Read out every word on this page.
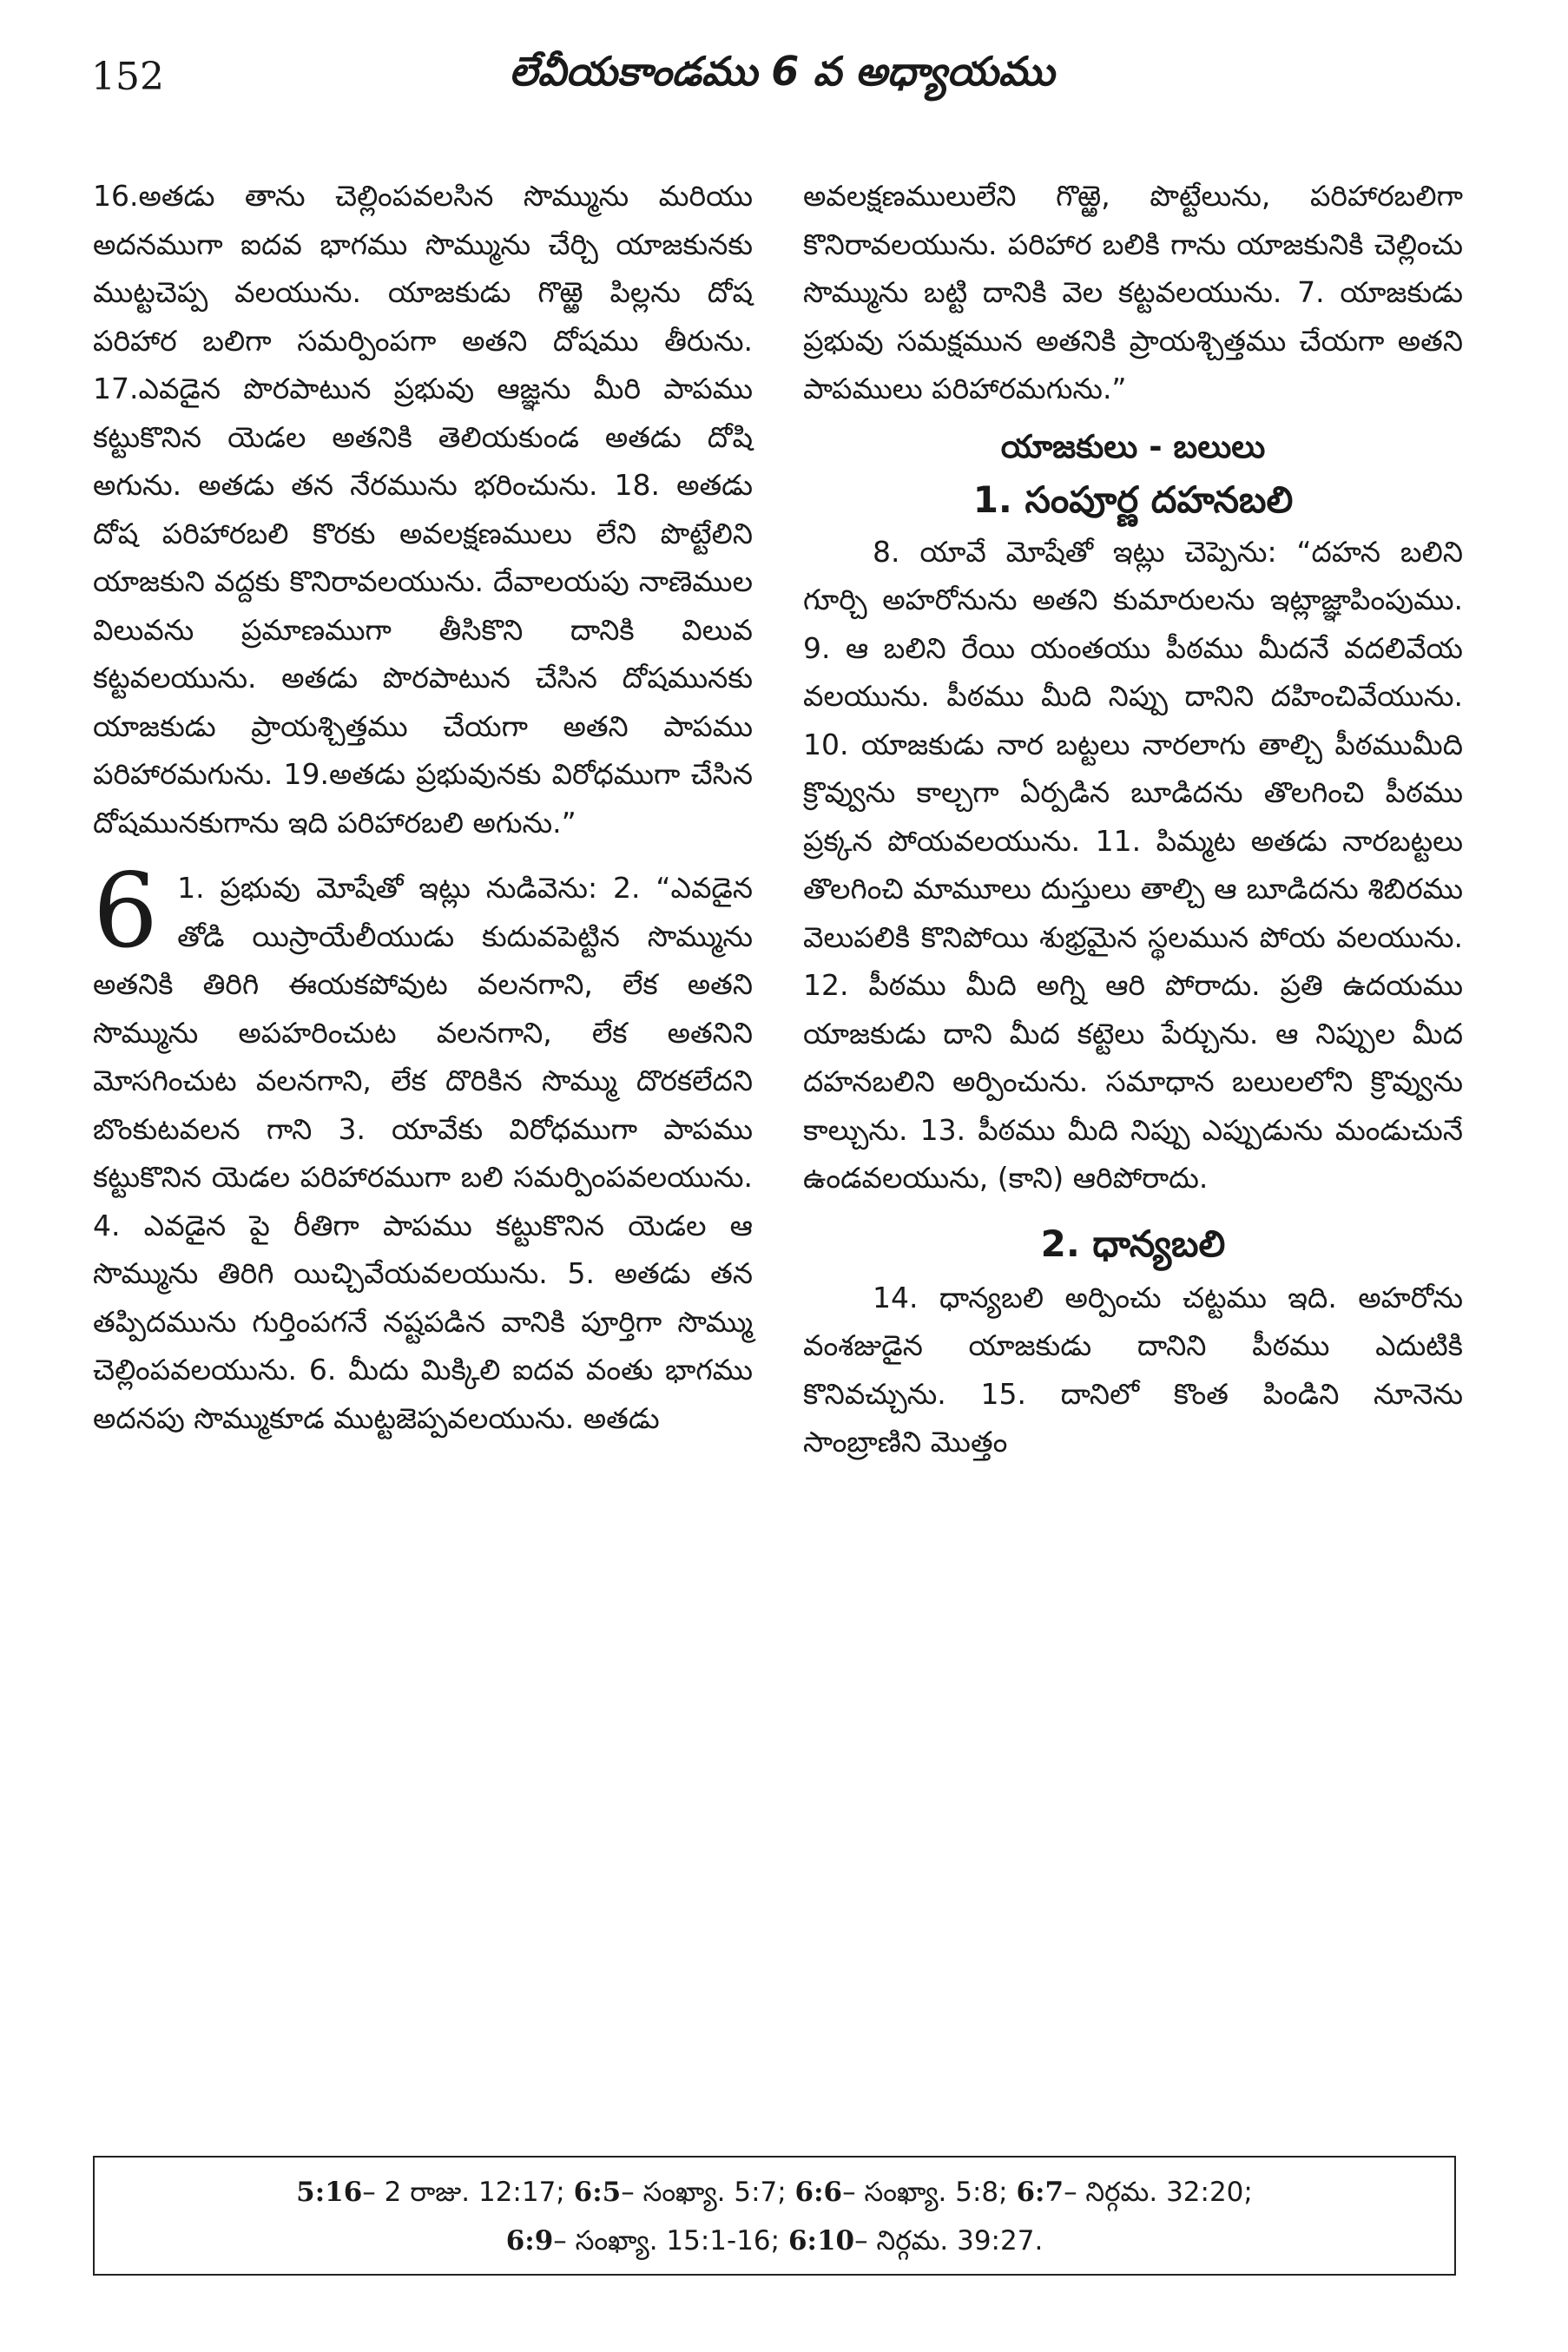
152	లేవీయకాండము 6 వ అధ్యాయము

16.అతడు తాను చెల్లింపవలసిన సొమ్మును మరియు అదనముగా ఐదవ భాగము సొమ్మును చేర్చి యాజకునకు ముట్టచెప్ప వలయును. యాజకుడు గొఱ్ఱె పిల్లను దోష పరిహార బలిగా సమర్పింపగా అతని దోషము తీరును. 17.ఎవడైన పొరపాటున ప్రభువు ఆజ్ఞను మీరి పాపము కట్టుకొనిన యెడల అతనికి తెలియకుండ అతడు దోషి అగును. అతడు తన నేరమును భరించును. 18. అతడు దోష పరిహారబలి కొరకు అవలక్షణములు లేని పొట్టేలిని యాజకుని వద్దకు కొనిరావలయును. దేవాలయపు నాణెముల విలువను ప్రమాణముగా తీసికొని దానికి విలువ కట్టవలయును. అతడు పొరపాటున చేసిన దోషమునకు యాజకుడు ప్రాయశ్చిత్తము చేయగా అతని పాపము పరిహారమగును. 19.అతడు ప్రభువునకు విరోధముగా చేసిన దోషమునకుగాను ఇది పరిహారబలి అగును.”

6 1. ప్రభువు మోషేతో ఇట్లు నుడివెను: 2. “ఎవడైన తోడి యిస్రాయేలీయుడు కుదువపెట్టిన సొమ్మును అతనికి తిరిగి ఈయకపోవుట వలనగాని, లేక అతని సొమ్మును అపహరించుట వలనగాని, లేక అతనిని మోసగించుట వలనగాని, లేక దొరికిన సొమ్ము దొరకలేదని బొంకుటవలన గాని 3. యావేకు విరోధముగా పాపము కట్టుకొనిన యెడల పరిహారముగా బలి సమర్పింపవలయును. 4. ఎవడైన పై రీతిగా పాపము కట్టుకొనిన యెడల ఆ సొమ్మును తిరిగి యిచ్చివేయవలయును. 5. అతడు తన తప్పిదమును గుర్తింపగనే నష్టపడిన వానికి పూర్తిగా సొమ్ము చెల్లింపవలయును. 6. మీదు మిక్కిలి ఐదవ వంతు భాగము అదనపు సొమ్ముకూడ ముట్టజెప్పవలయును. అతడు

అవలక్షణములులేని గొఱ్ఱె, పొట్టేలును, పరిహారబలిగా కొనిరావలయును. పరిహార బలికి గాను యాజకునికి చెల్లించు సొమ్మును బట్టి దానికి వెల కట్టవలయును. 7. యాజకుడు ప్రభువు సమక్షమున అతనికి ప్రాయశ్చిత్తము చేయగా అతని పాపములు పరిహారమగును.”

యాజకులు - బలులు
1. సంపూర్ణ దహనబలి

8. యావే మోషేతో ఇట్లు చెప్పెను: “దహన బలిని గూర్చి అహరోనును అతని కుమారులను ఇట్లాజ్ఞాపింపుము. 9. ఆ బలిని రేయి యంతయు పీఠము మీదనే వదలివేయ వలయును. పీఠము మీది నిప్పు దానిని దహించివేయును. 10. యాజకుడు నార బట్టలు నారలాగు తాల్చి పీఠముమీది క్రొవ్వును కాల్చగా ఏర్పడిన బూడిదను తొలగించి పీఠము ప్రక్కన పోయవలయును. 11. పిమ్మట అతడు నారబట్టలు తొలగించి మామూలు దుస్తులు తాల్చి ఆ బూడిదను శిబిరము వెలుపలికి కొనిపోయి శుభ్రమైన స్థలమున పోయ వలయును. 12. పీఠము మీది అగ్ని ఆరి పోరాదు. ప్రతి ఉదయము యాజకుడు దాని మీద కట్టెలు పేర్చును. ఆ నిప్పుల మీద దహనబలిని అర్పించును. సమాధాన బలులలోని క్రొవ్వును కాల్చును. 13. పీఠము మీది నిప్పు ఎప్పుడును మండుచునే ఉండవలయును, (కాని) ఆరిపోరాదు.

2. ధాన్యబలి

14. ధాన్యబలి అర్పించు చట్టము ఇది. అహరోను వంశజుడైన యాజకుడు దానిని పీఠము ఎదుటికి కొనివచ్చును. 15. దానిలో కొంత పిండిని నూనెను సాంబ్రాణిని మొత్తం

5:16– 2 రాజు. 12:17; 6:5– సంఖ్యా. 5:7; 6:6– సంఖ్యా. 5:8; 6:7– నిర్గమ. 32:20;
6:9– సంఖ్యా. 15:1-16; 6:10– నిర్గమ. 39:27.
